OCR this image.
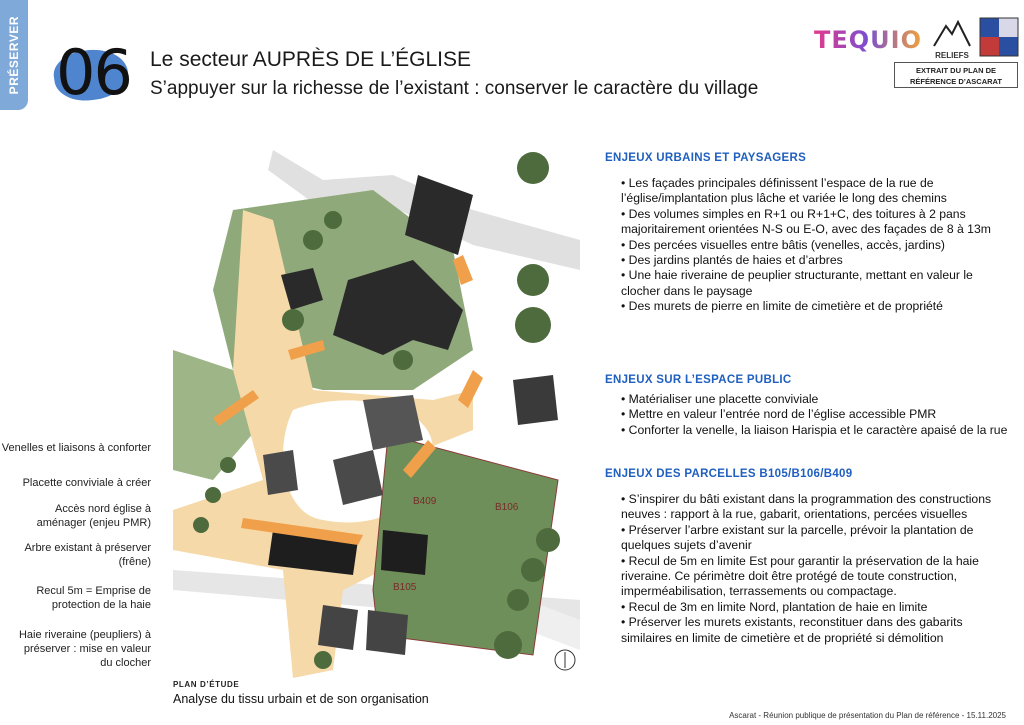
PRÉSERVER 06 Le secteur AUPRÈS DE L’ÉGLISE
S’appuyer sur la richesse de l’existant : conserver le caractère du village
TEQUIO
RELIEFS
EXTRAIT DU PLAN DE RÉFÉRENCE D’ASCARAT
B409
B106
B105
Venelles et liaisons à conforter
Placette conviviale à créer
Accès nord église à aménager (enjeu PMR)
Arbre existant à préserver (frêne)
Recul 5m = Emprise de protection de la haie
Haie riveraine (peupliers) à préserver : mise en valeur du clocher
PLAN D’ÉTUDE
Analyse du tissu urbain et de son organisation
ENJEUX URBAINS ET PAYSAGERS
• Les façades principales définissent l’espace de la rue de l’église/implantation plus lâche et variée le long des chemins
• Des volumes simples en R+1 ou R+1+C, des toitures à 2 pans majoritairement orientées N-S ou E-O, avec des façades de 8 à 13m
• Des percées visuelles entre bâtis (venelles, accès, jardins)
• Des jardins plantés de haies et d’arbres
• Une haie riveraine de peuplier structurante, mettant en valeur le clocher dans le paysage
• Des murets de pierre en limite de cimetière et de propriété
ENJEUX SUR L’ESPACE PUBLIC
• Matérialiser une placette conviviale
• Mettre en valeur l’entrée nord de l’église accessible PMR
• Conforter la venelle, la liaison Harispia et le caractère apaisé de la rue
ENJEUX DES PARCELLES B105/B106/B409
• S’inspirer du bâti existant dans la programmation des constructions neuves : rapport à la rue, gabarit, orientations, percées visuelles
• Préserver l’arbre existant sur la parcelle, prévoir la plantation de quelques sujets d’avenir
• Recul de 5m en limite Est pour garantir la préservation de la haie riveraine. Ce périmètre doit être protégé de toute construction, imperméabilisation, terrassements ou compactage.
• Recul de 3m en limite Nord, plantation de haie en limite
• Préserver les murets existants, reconstituer dans des gabarits similaires en limite de cimetière et de propriété si démolition
Ascarat - Réunion publique de présentation du Plan de référence - 15.11.2025
